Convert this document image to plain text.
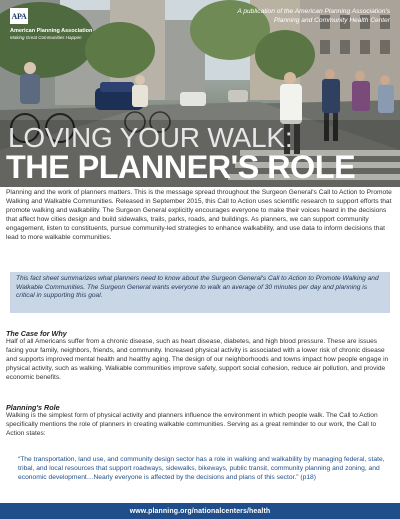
APA
American Planning Association
Making Great Communities Happen
A publication of the American Planning Association's
Planning and Community Health Center
LOVING YOUR WALK:
THE PLANNER'S ROLE

Planning and the work of planners matters. This is the message spread throughout the Surgeon General's Call to Action to Promote Walking and Walkable Communities. Released in September 2015, this Call to Action uses scientific research to support efforts that promote walking and walkability. The Surgeon General explicitly encourages everyone to make their voices heard in the decisions that affect how cities design and build sidewalks, trails, parks, roads, and buildings. As planners, we can support community engagement, listen to constituents, pursue community-led strategies to enhance walkability, and use data to inform decisions that lead to more walkable communities.

This fact sheet summarizes what planners need to know about the Surgeon General's Call to Action to Promote Walking and Walkable Communities. The Surgeon General wants everyone to walk an average of 30 minutes per day and planning is critical in supporting this goal.

The Case for Why

Half of all Americans suffer from a chronic disease, such as heart disease, diabetes, and high blood pressure. These are issues facing your family, neighbors, friends, and community. Increased physical activity is associated with a lower risk of chronic disease and supports improved mental health and healthy aging. The design of our neighborhoods and towns impact how people engage in physical activity, such as walking. Walkable communities improve safety, support social cohesion, reduce air pollution, and provide economic benefits.

Planning's Role

Walking is the simplest form of physical activity and planners influence the environment in which people walk. The Call to Action specifically mentions the role of planners in creating walkable communities. Serving as a great reminder to our work, the Call to Action states:

“The transportation, land use, and community design sector has a role in walking and walkability by managing federal, state, tribal, and local resources that support roadways, sidewalks, bikeways, public transit, community planning and zoning, and economic development…Nearly everyone is affected by the decisions and plans of this sector.” (p18)

www.planning.org/nationalcenters/health
